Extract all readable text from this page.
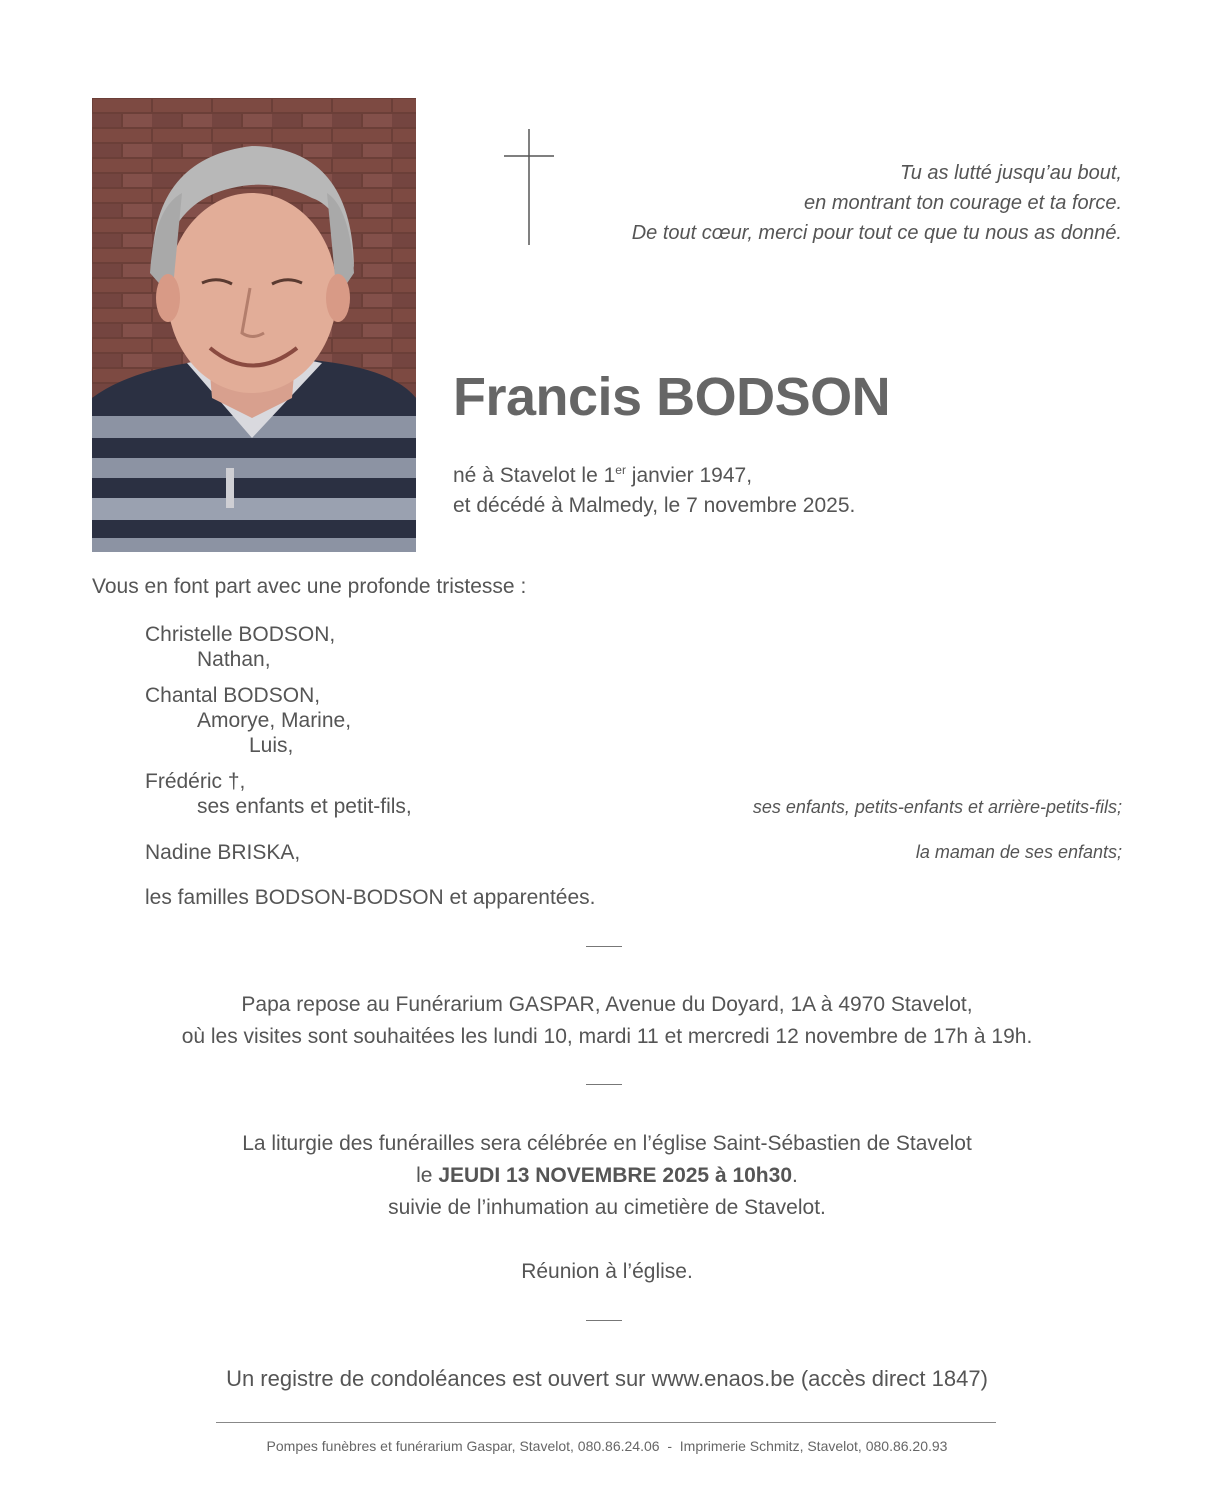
Tu as lutté jusqu’au bout,
en montrant ton courage et ta force.
De tout cœur, merci pour tout ce que tu nous as donné.
Francis BODSON
né à Stavelot le 1er janvier 1947,
et décédé à Malmedy, le 7 novembre 2025.
Vous en font part avec une profonde tristesse :
Christelle BODSON,
Nathan,
Chantal BODSON,
Amorye, Marine,
Luis,
Frédéric †,
ses enfants et petit-fils,	ses enfants, petits-enfants et arrière-petits-fils;
Nadine BRISKA,	la maman de ses enfants;
les familles BODSON-BODSON et apparentées.
Papa repose au Funérarium GASPAR, Avenue du Doyard, 1A à 4970 Stavelot,
où les visites sont souhaitées les lundi 10, mardi 11 et mercredi 12 novembre de 17h à 19h.
La liturgie des funérailles sera célébrée en l’église Saint-Sébastien de Stavelot
le JEUDI 13 NOVEMBRE 2025 à 10h30.
suivie de l’inhumation au cimetière de Stavelot.
Réunion à l’église.
Un registre de condoléances est ouvert sur www.enaos.be (accès direct 1847)
Pompes funèbres et funérarium Gaspar, Stavelot, 080.86.24.06  -  Imprimerie Schmitz, Stavelot, 080.86.20.93
